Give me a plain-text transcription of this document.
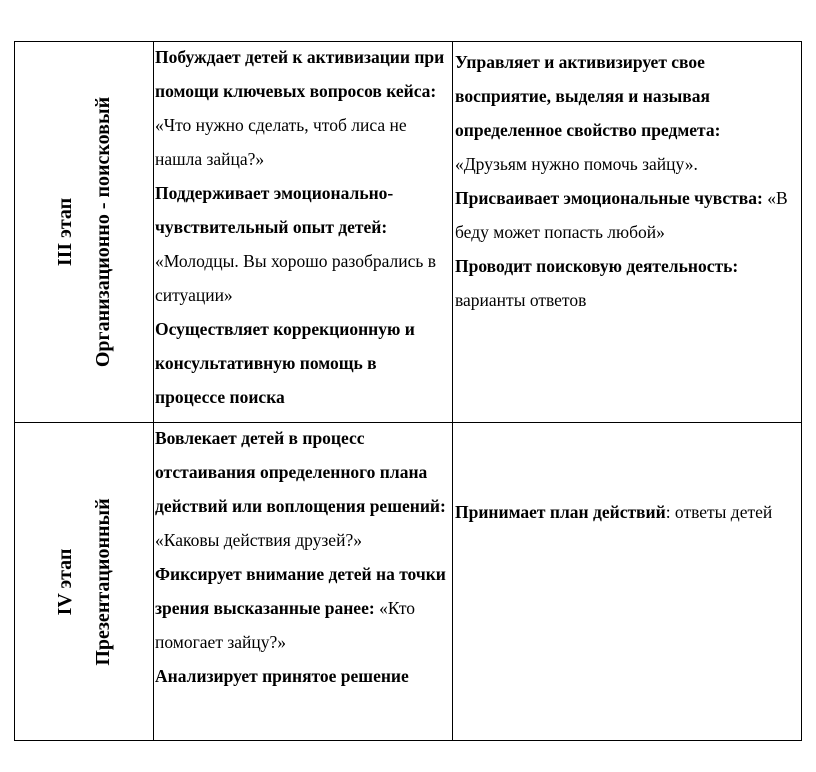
III этап Организационно - поисковый

Побуждает детей к активизации при помощи ключевых вопросов кейса: «Что нужно сделать, чтоб лиса не нашла зайца?»

Поддерживает эмоционально-чувствительный опыт детей: «Молодцы. Вы хорошо разобрались в ситуации»

Осуществляет коррекционную и консультативную помощь в процессе поиска

Управляет и активизирует свое восприятие, выделяя и называя определенное свойство предмета: «Друзьям нужно помочь зайцу».

Присваивает эмоциональные чувства: «В беду может попасть любой»

Проводит поисковую деятельность: варианты ответов

IV этап Презентационный

Вовлекает детей в процесс отстаивания определенного плана действий или воплощения решений: «Каковы действия друзей?»

Фиксирует внимание детей на точки зрения высказанные ранее: «Кто помогает зайцу?»

Анализирует принятое решение

Принимает план действий: ответы детей
